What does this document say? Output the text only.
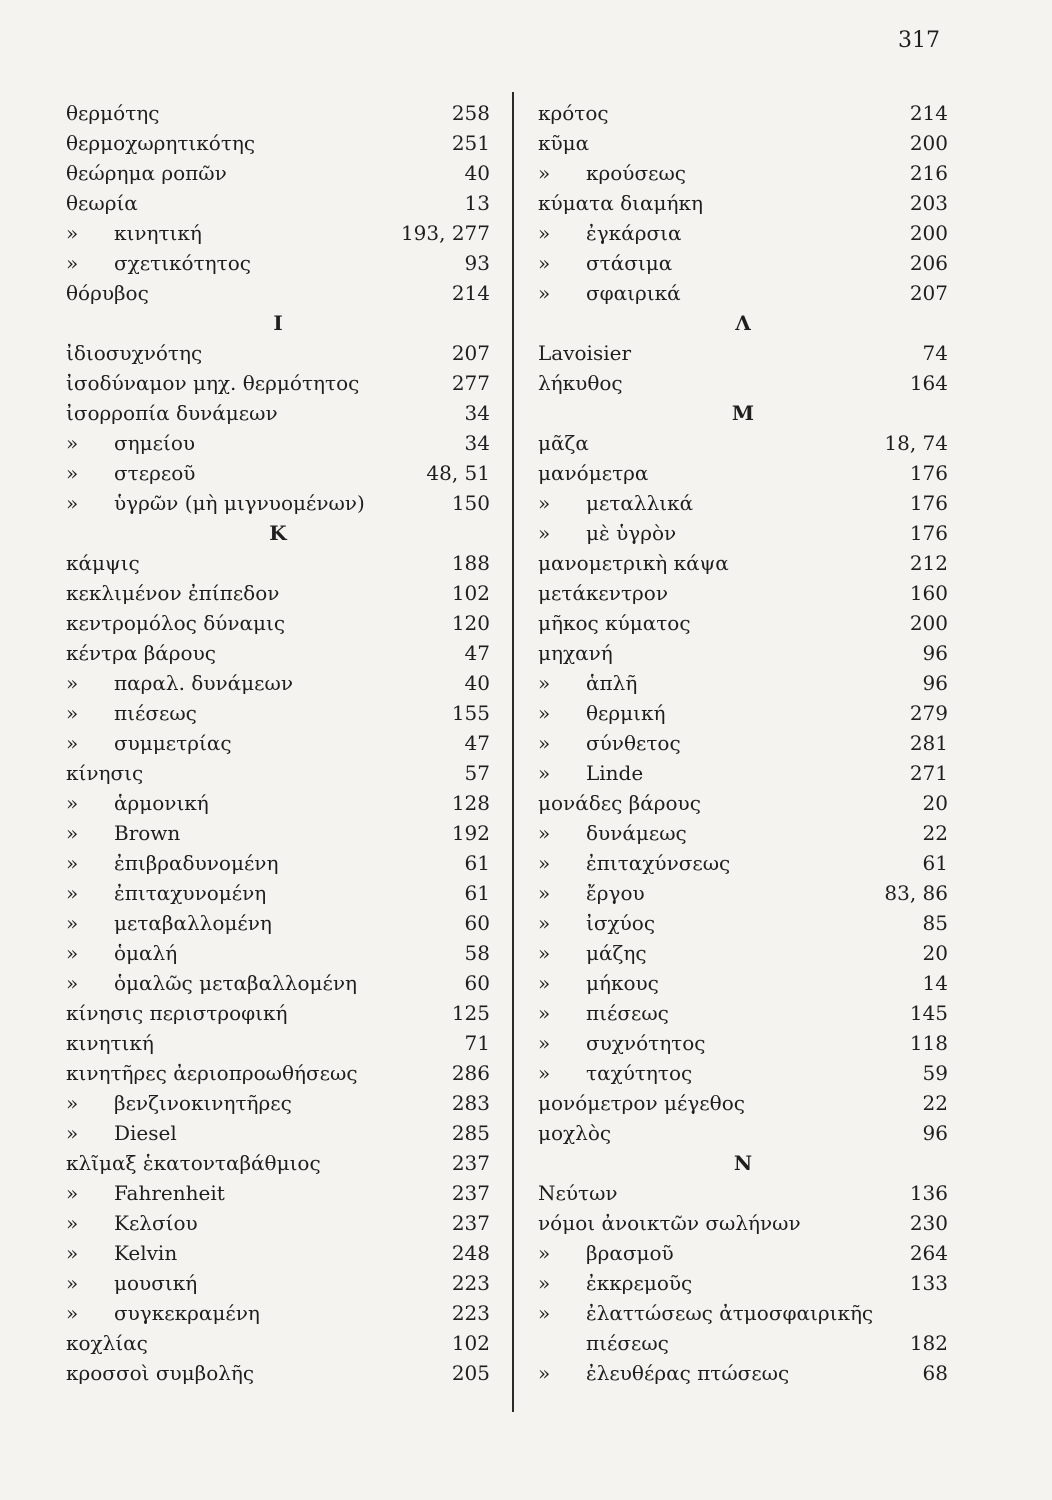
317
θερμότης	258
θερμοχωρητικότης	251
θεώρημα ροπῶν	40
θεωρία	13
» κινητική	193, 277
» σχετικότητος	93
θόρυβος	214
Ι
ἰδιοσυχνότης	207
ἰσοδύναμον μηχ. θερμότητος	277
ἰσορροπία δυνάμεων	34
» σημείου	34
» στερεοῦ	48, 51
» ὑγρῶν (μὴ μιγνυομένων)	150
Κ
κάμψις	188
κεκλιμένον ἐπίπεδον	102
κεντρομόλος δύναμις	120
κέντρα βάρους	47
» παραλ. δυνάμεων	40
» πιέσεως	155
» συμμετρίας	47
κίνησις	57
» ἁρμονική	128
» Brown	192
» ἐπιβραδυνομένη	61
» ἐπιταχυνομένη	61
» μεταβαλλομένη	60
» ὁμαλή	58
» ὁμαλῶς μεταβαλλομένη	60
κίνησις περιστροφική	125
κινητική	71
κινητῆρες ἀεριοπροωθήσεως	286
» βενζινοκινητῆρες	283
» Diesel	285
κλῖμαξ ἑκατονταβάθμιος	237
» Fahrenheit	237
» Κελσίου	237
» Kelvin	248
» μουσική	223
» συγκεκραμένη	223
κοχλίας	102
κροσσοὶ συμβολῆς	205
κρότος	214
κῦμα	200
» κρούσεως	216
κύματα διαμήκη	203
» ἐγκάρσια	200
» στάσιμα	206
» σφαιρικά	207
Λ
Lavoisier	74
λήκυθος	164
Μ
μᾶζα	18, 74
μανόμετρα	176
» μεταλλικά	176
» μὲ ὑγρὸν	176
μανομετρικὴ κάψα	212
μετάκεντρον	160
μῆκος κύματος	200
μηχανή	96
» ἁπλῆ	96
» θερμική	279
» σύνθετος	281
» Linde	271
μονάδες βάρους	20
» δυνάμεως	22
» ἐπιταχύνσεως	61
» ἔργου	83, 86
» ἰσχύος	85
» μάζης	20
» μήκους	14
» πιέσεως	145
» συχνότητος	118
» ταχύτητος	59
μονόμετρον μέγεθος	22
μοχλὸς	96
Ν
Νεύτων	136
νόμοι ἀνοικτῶν σωλήνων	230
» βρασμοῦ	264
» ἐκκρεμοῦς	133
» ἐλαττώσεως ἀτμοσφαιρικῆς
πιέσεως	182
» ἐλευθέρας πτώσεως	68
